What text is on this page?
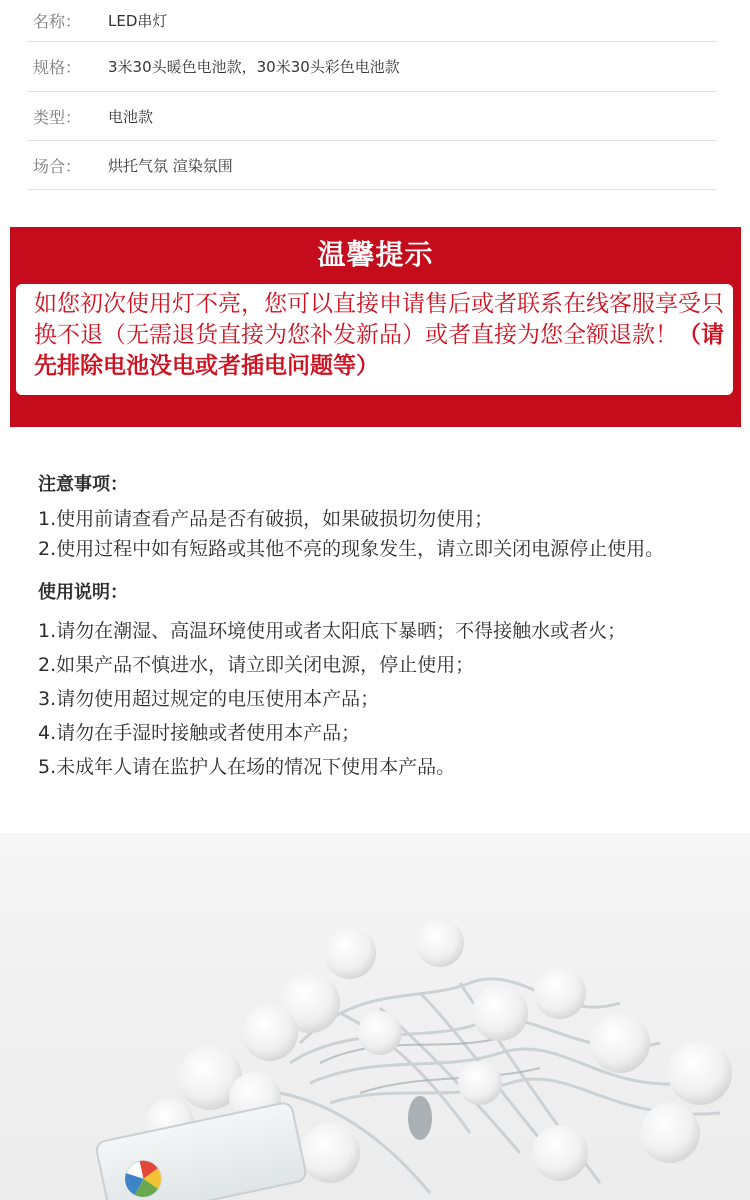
名称：	LED串灯
规格：	3米30头暖色电池款，30米30头彩色电池款
类型：	电池款
场合：	烘托气氛 渲染氛围
温馨提示
如您初次使用灯不亮，您可以直接申请售后或者联系在线客服享受只换不退（无需退货直接为您补发新品）或者直接为您全额退款！（请先排除电池没电或者插电问题等）
注意事项：
1.使用前请查看产品是否有破损，如果破损切勿使用；
2.使用过程中如有短路或其他不亮的现象发生，请立即关闭电源停止使用。
使用说明：
1.请勿在潮湿、高温环境使用或者太阳底下暴晒；不得接触水或者火；
2.如果产品不慎进水，请立即关闭电源，停止使用；
3.请勿使用超过规定的电压使用本产品；
4.请勿在手湿时接触或者使用本产品；
5.未成年人请在监护人在场的情况下使用本产品。
